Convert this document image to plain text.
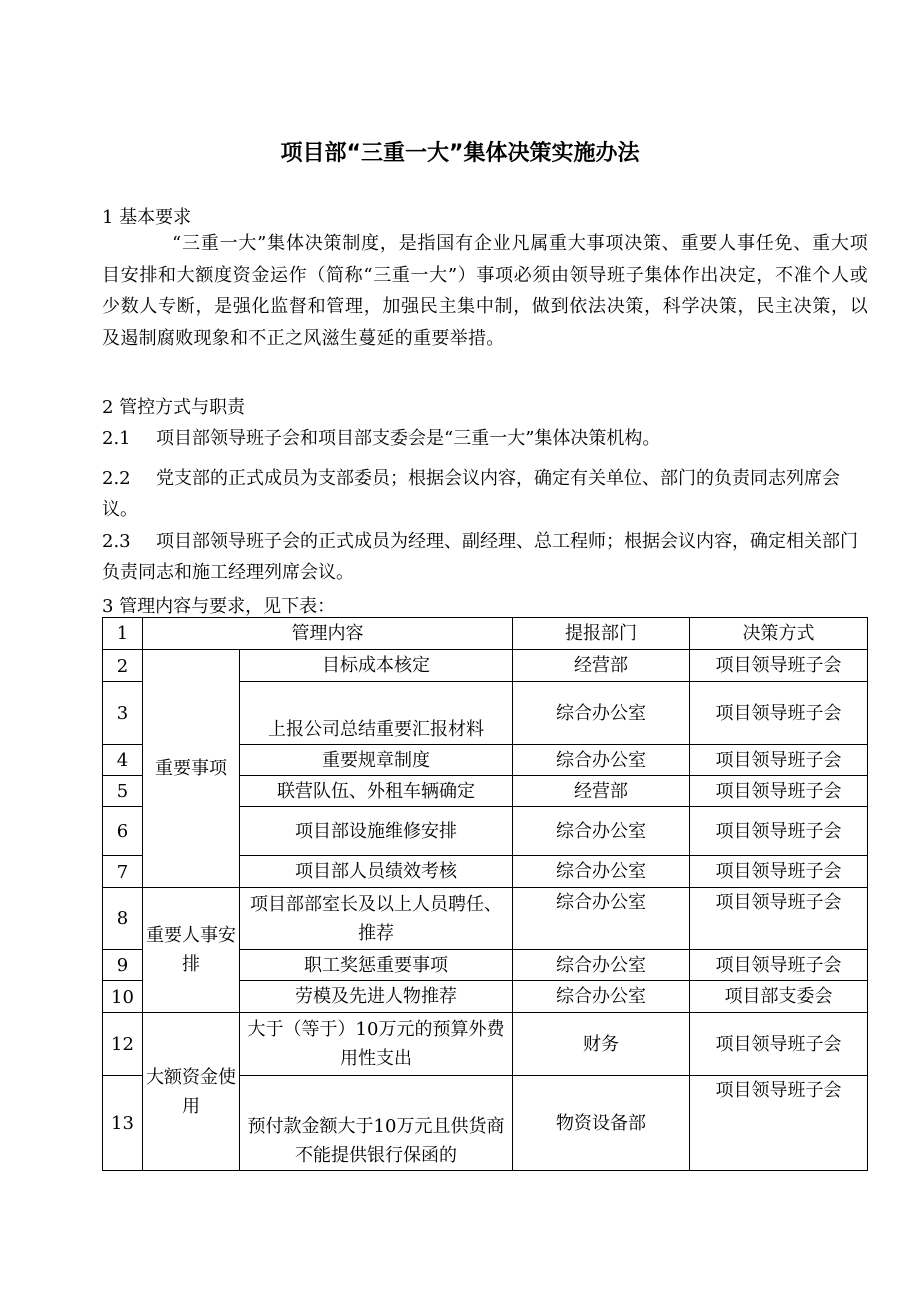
项目部“三重一大”集体决策实施办法
1 基本要求
“三重一大”集体决策制度，是指国有企业凡属重大事项决策、重要人事任免、重大项目安排和大额度资金运作（简称“三重一大”）事项必须由领导班子集体作出决定，不准个人或少数人专断，是强化监督和管理，加强民主集中制，做到依法决策，科学决策，民主决策，以及遏制腐败现象和不正之风滋生蔓延的重要举措。
2 管控方式与职责
2.1 项目部领导班子会和项目部支委会是“三重一大”集体决策机构。
2.2 党支部的正式成员为支部委员；根据会议内容，确定有关单位、部门的负责同志列席会议。
2.3 项目部领导班子会的正式成员为经理、副经理、总工程师；根据会议内容，确定相关部门负责同志和施工经理列席会议。
3 管理内容与要求，见下表：
1	管理内容		提报部门	决策方式
2	重要事项	目标成本核定	经营部	项目领导班子会
3		上报公司总结重要汇报材料	综合办公室	项目领导班子会
4		重要规章制度	综合办公室	项目领导班子会
5		联营队伍、外租车辆确定	经营部	项目领导班子会
6		项目部设施维修安排	综合办公室	项目领导班子会
7		项目部人员绩效考核	综合办公室	项目领导班子会
8	重要人事安排	项目部部室长及以上人员聘任、推荐	综合办公室	项目领导班子会
9		职工奖惩重要事项	综合办公室	项目领导班子会
10		劳模及先进人物推荐	综合办公室	项目部支委会
12	大额资金使用	大于（等于）10万元的预算外费用性支出	财务	项目领导班子会
13		预付款金额大于10万元且供货商不能提供银行保函的	物资设备部	项目领导班子会
